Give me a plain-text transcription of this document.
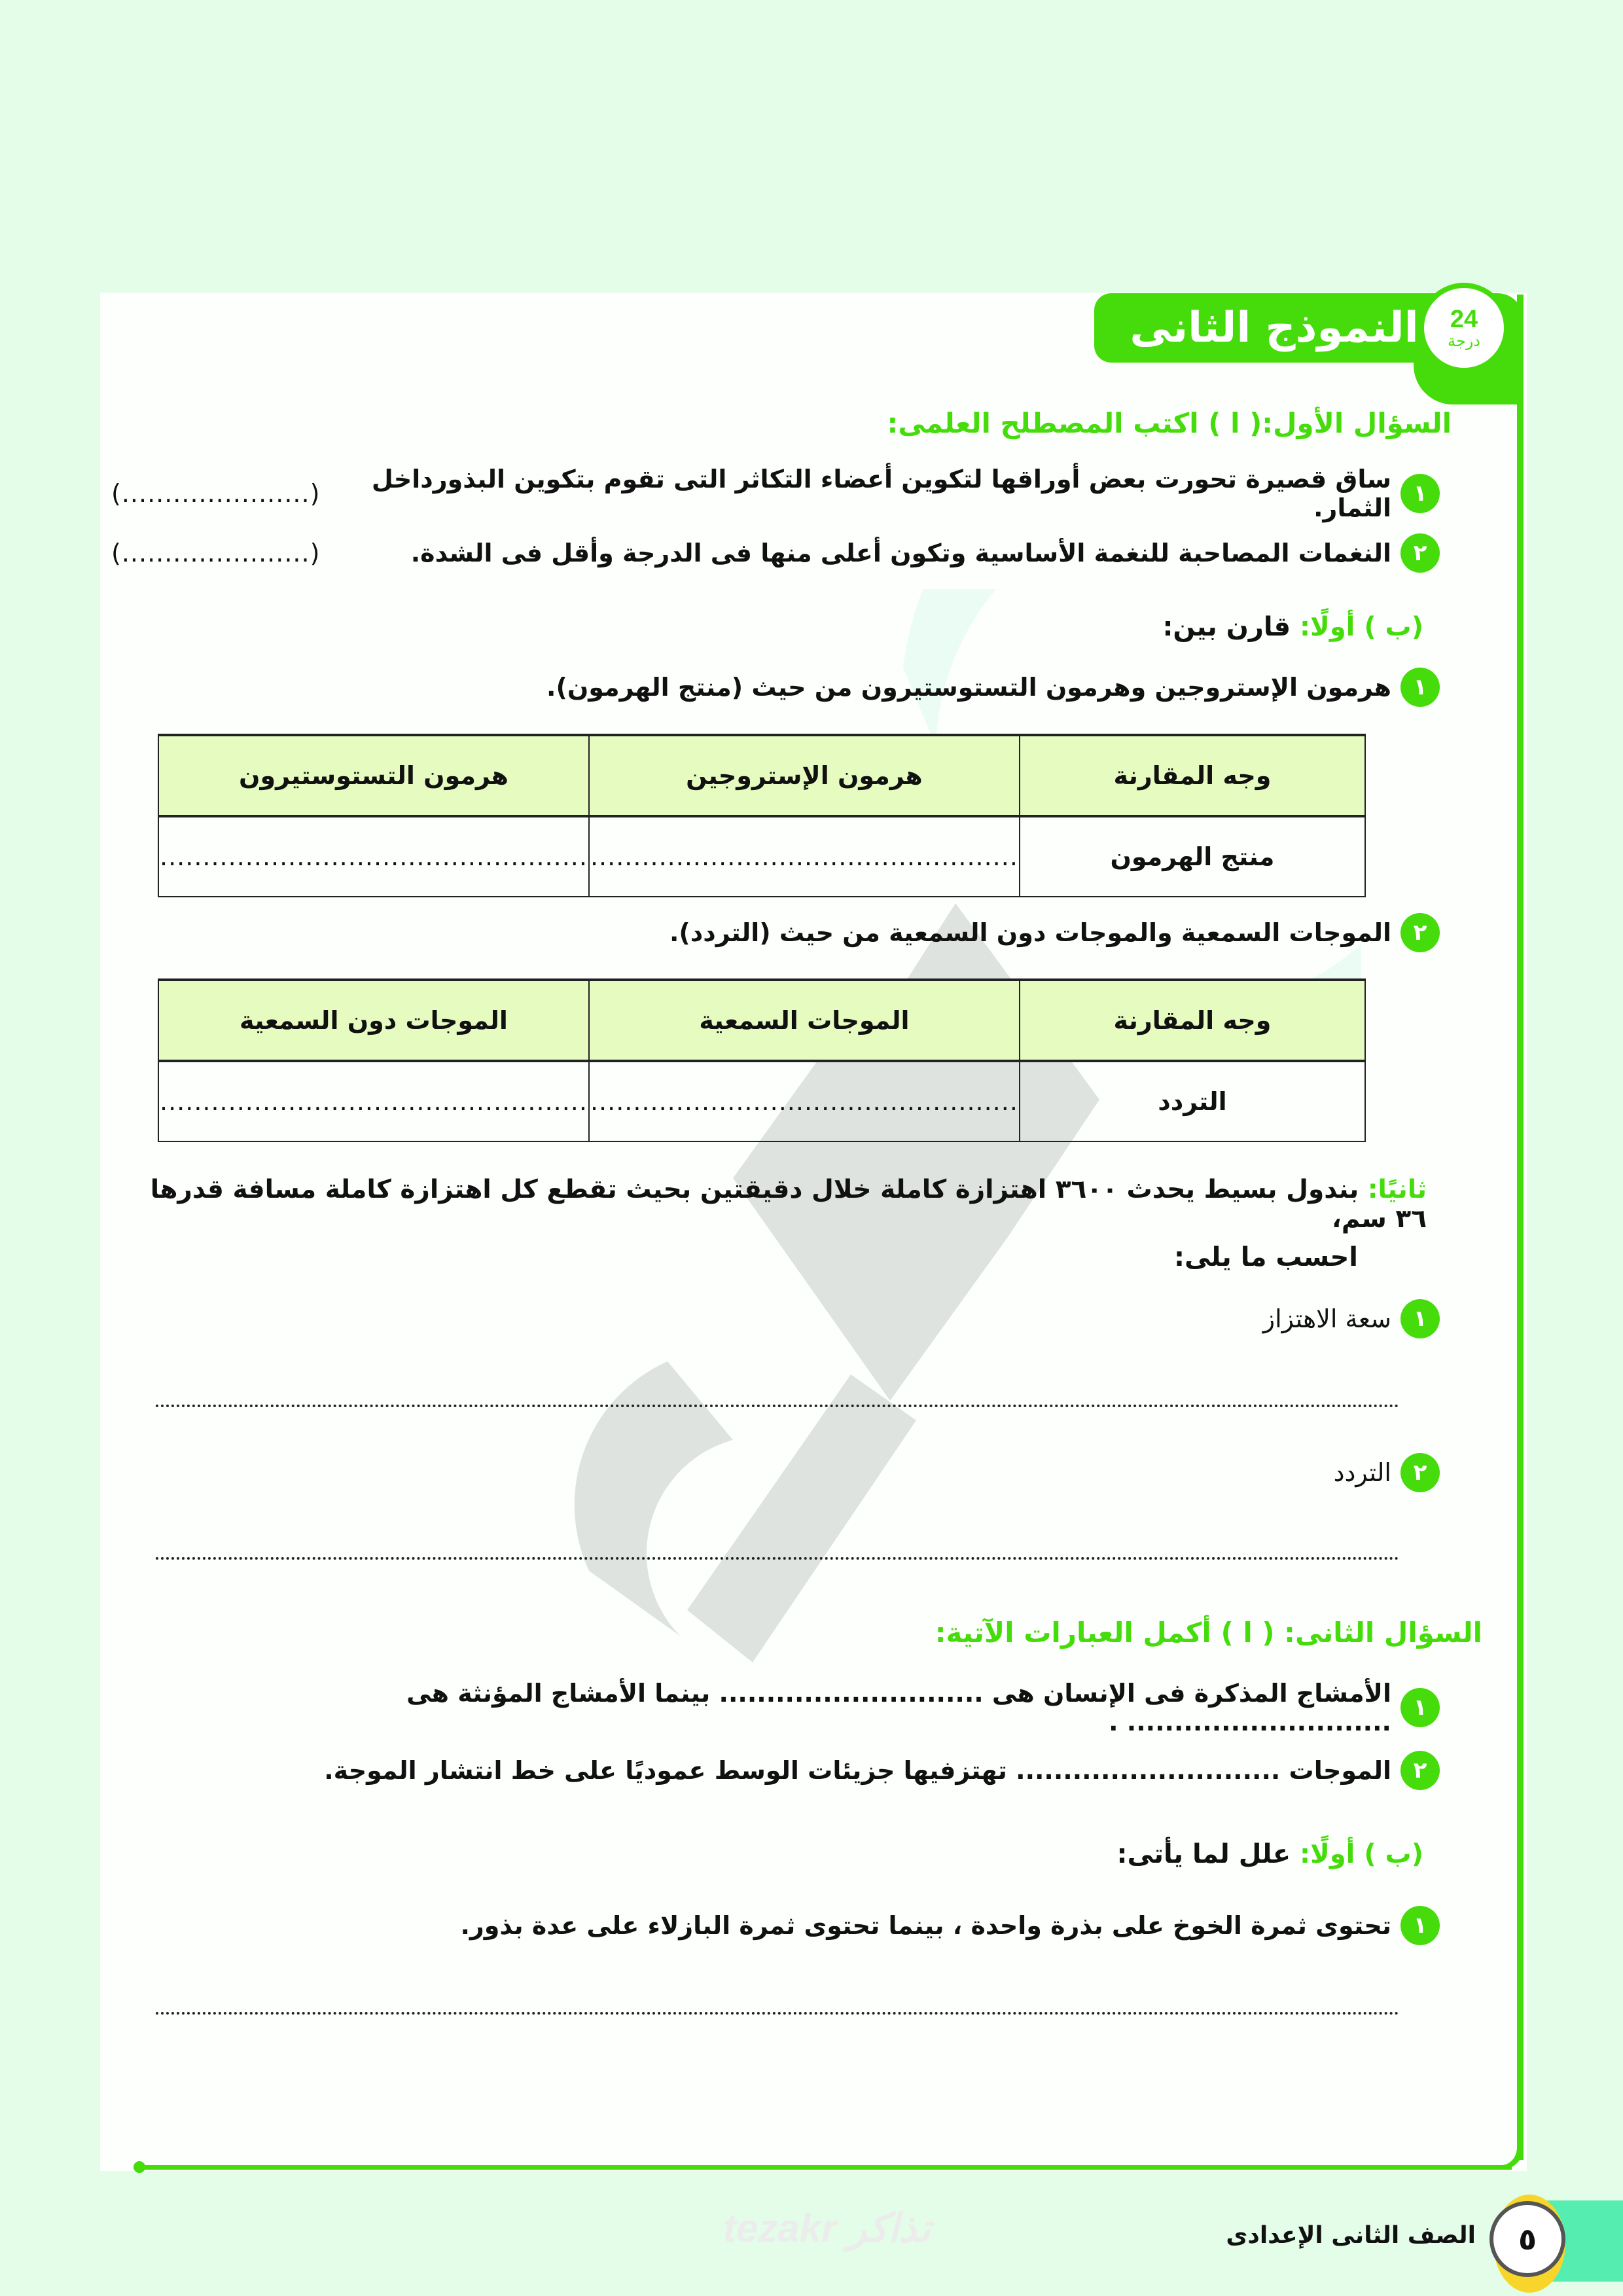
النموذج الثانى 24
درجة
السؤال الأول:( ا ) اكتب المصطلح العلمى:
١
ساق قصيرة تحورت بعض أوراقها لتكوين أعضاء التكاثر التى تقوم بتكوين البذورداخل الثمار.
(......................)
٢
النغمات المصاحبة للنغمة الأساسية وتكون أعلى منها فى الدرجة وأقل فى الشدة.
(......................)
(ب ) أولًا: قارن بين:
١
هرمون الإستروجين وهرمون التستوستيرون من حيث (منتج الهرمون).
وجه المقارنة	هرمون الإستروجين	هرمون التستوستيرون
منتج الهرمون	..................................................	..................................................
٢
الموجات السمعية والموجات دون السمعية من حيث (التردد).
وجه المقارنة	الموجات السمعية	الموجات دون السمعية
التردد	..................................................	..................................................
ثانيًا: بندول بسيط يحدث ٣٦٠٠ اهتزازة كاملة خلال دقيقتين بحيث تقطع كل اهتزازة كاملة مسافة قدرها ٣٦ سم،
احسب ما يلى:
١
سعة الاهتزاز
٢
التردد
السؤال الثانى: ( ا ) أكمل العبارات الآتية:
١
الأمشاج المذكرة فى الإنسان هى ............................ بينما الأمشاج المؤنثة هى ............................ .
٢
الموجات ............................ تهتزفيها جزيئات الوسط عموديًا على خط انتشار الموجة.
(ب ) أولًا: علل لما يأتى:
١
تحتوى ثمرة الخوخ على بذرة واحدة ، بينما تحتوى ثمرة البازلاء على عدة بذور.
tezakr تذاكر	٥
الصف الثانى الإعدادى
